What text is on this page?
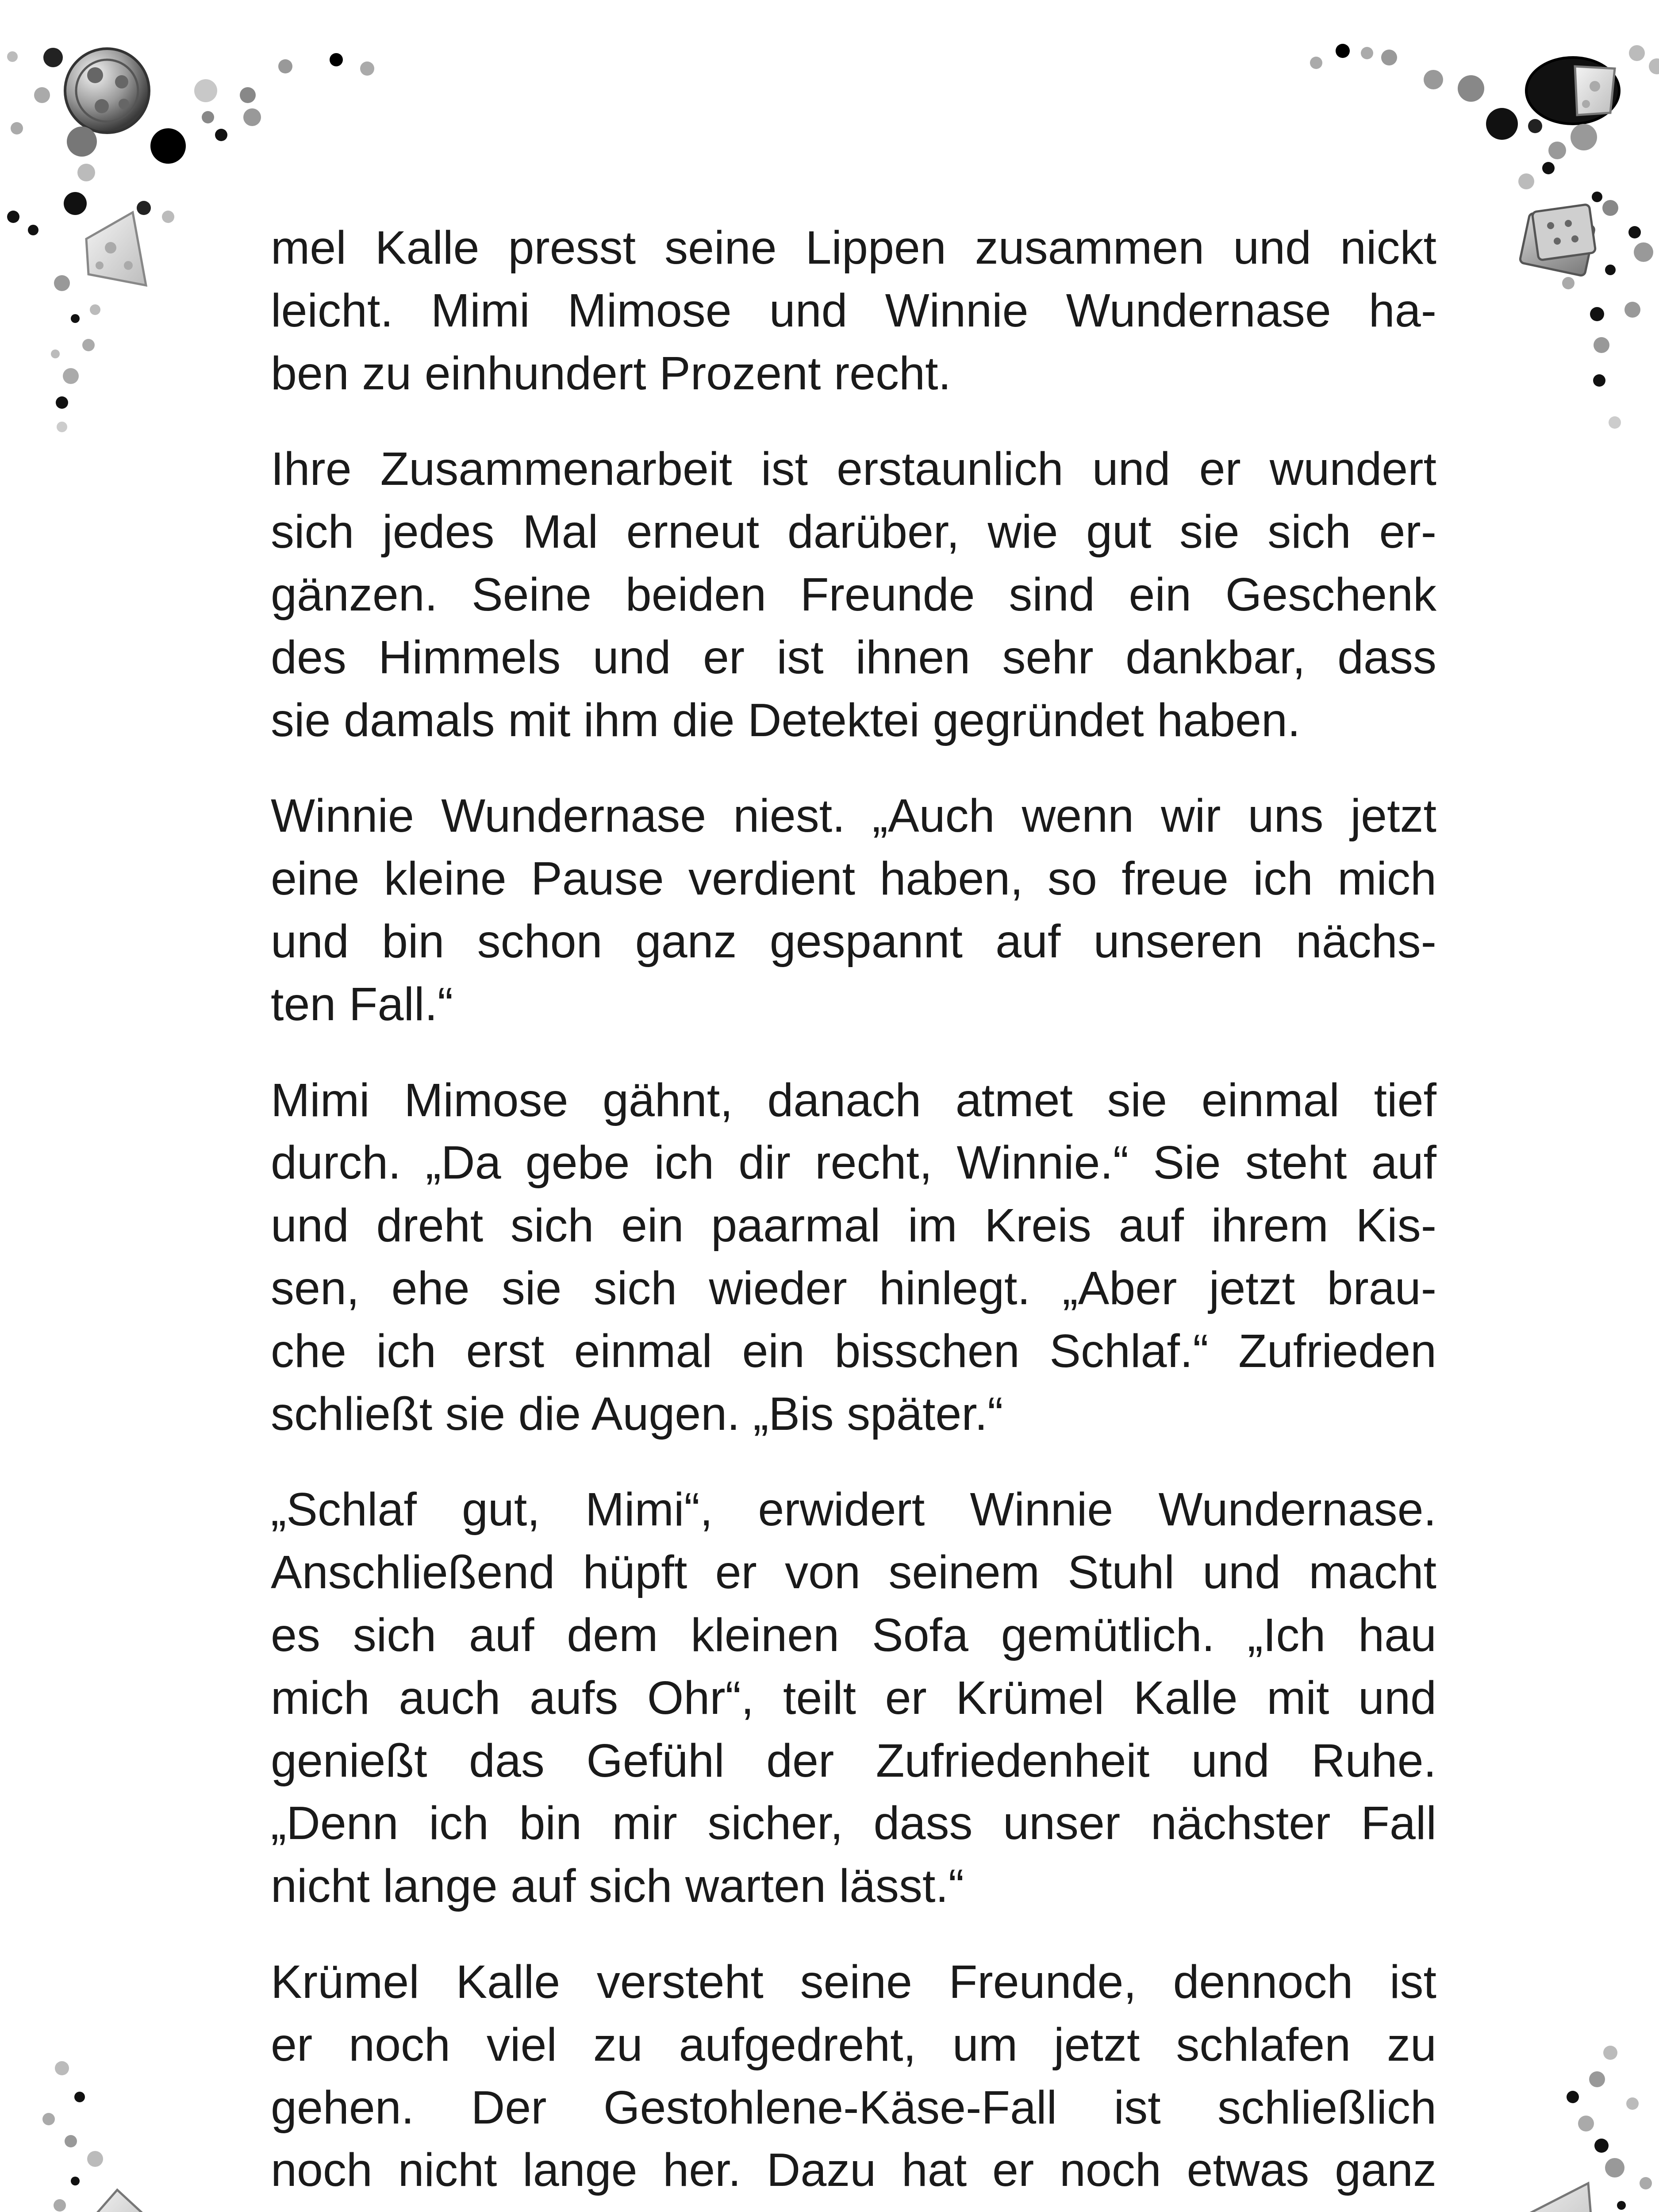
mel Kalle presst seine Lippen zusammen und nickt
leicht. Mimi Mimose und Winnie Wundernase ha-
ben zu einhundert Prozent recht.

Ihre Zusammenarbeit ist erstaunlich und er wundert
sich jedes Mal erneut darüber, wie gut sie sich er-
gänzen. Seine beiden Freunde sind ein Geschenk
des Himmels und er ist ihnen sehr dankbar, dass
sie damals mit ihm die Detektei gegründet haben.

Winnie Wundernase niest. „Auch wenn wir uns jetzt
eine kleine Pause verdient haben, so freue ich mich
und bin schon ganz gespannt auf unseren nächs-
ten Fall.“

Mimi Mimose gähnt, danach atmet sie einmal tief
durch. „Da gebe ich dir recht, Winnie.“ Sie steht auf
und dreht sich ein paarmal im Kreis auf ihrem Kis-
sen, ehe sie sich wieder hinlegt. „Aber jetzt brau-
che ich erst einmal ein bisschen Schlaf.“ Zufrieden
schließt sie die Augen. „Bis später.“

„Schlaf gut, Mimi“, erwidert Winnie Wundernase.
Anschließend hüpft er von seinem Stuhl und macht
es sich auf dem kleinen Sofa gemütlich. „Ich hau
mich auch aufs Ohr“, teilt er Krümel Kalle mit und
genießt das Gefühl der Zufriedenheit und Ruhe.
„Denn ich bin mir sicher, dass unser nächster Fall
nicht lange auf sich warten lässt.“

Krümel Kalle versteht seine Freunde, dennoch ist
er noch viel zu aufgedreht, um jetzt schlafen zu
gehen. Der Gestohlene-Käse-Fall ist schließlich
noch nicht lange her. Dazu hat er noch etwas ganz
